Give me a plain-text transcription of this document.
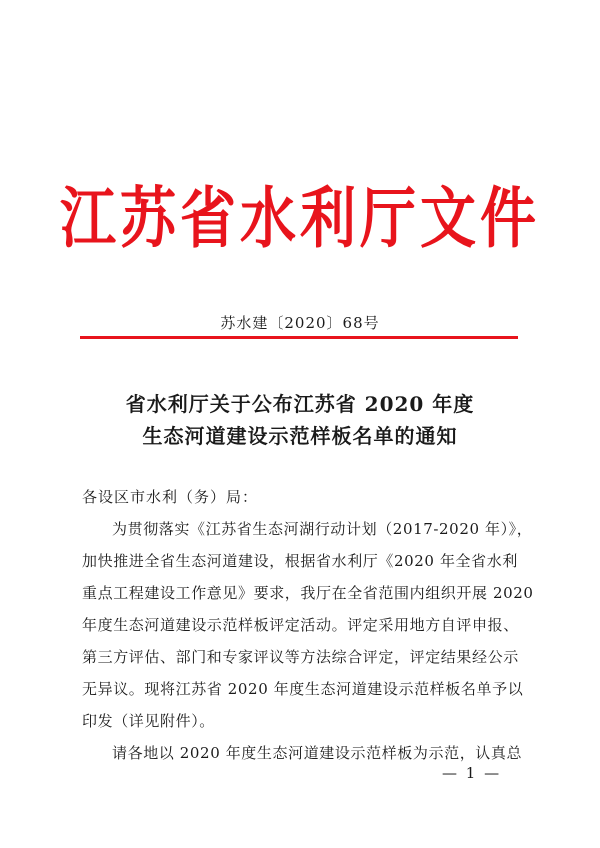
江苏省水利厅文件
苏水建〔2020〕68号
省水利厅关于公布江苏省 2020 年度
生态河道建设示范样板名单的通知
各设区市水利（务）局：
为贯彻落实《江苏省生态河湖行动计划（2017-2020 年）》，
加快推进全省生态河道建设，根据省水利厅《2020 年全省水利
重点工程建设工作意见》要求，我厅在全省范围内组织开展 2020
年度生态河道建设示范样板评定活动。评定采用地方自评申报、
第三方评估、部门和专家评议等方法综合评定，评定结果经公示
无异议。现将江苏省 2020 年度生态河道建设示范样板名单予以
印发（详见附件）。
请各地以 2020 年度生态河道建设示范样板为示范，认真总
— 1 —
